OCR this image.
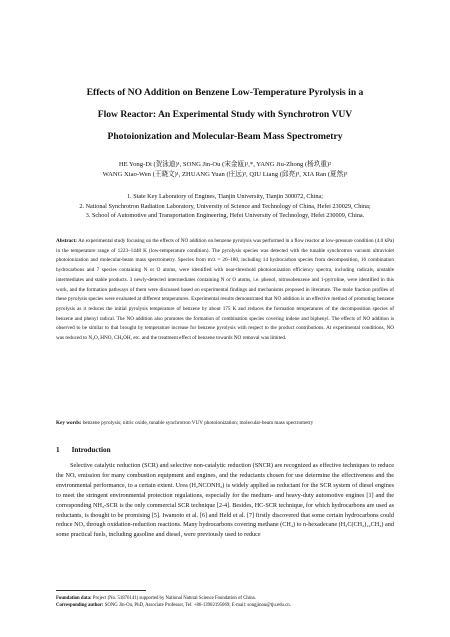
Effects of NO Addition on Benzene Low-Temperature Pyrolysis in a
Flow Reactor: An Experimental Study with Synchrotron VUV
Photoionization and Molecular-Beam Mass Spectrometry
HE Yong-Di (贺泳迪)¹, SONG Jin-Ou (宋金瓯)¹,*, YANG Jiu-Zhong (杨玖重)²
WANG Xiao-Wen (王晓文)¹, ZHUANG Yuan (庄远)³, QIU Liang (邱亮)³, XIA Ran (夏然)³
1. State Key Laboratory of Engines, Tianjin University, Tianjin 300072, China;
2. National Synchrotron Radiation Laboratory, University of Science and Technology of China, Hefei 230029, China;
3. School of Automotive and Transportation Engineering, Hefei University of Technology, Hefei 230009, China.
Abstract: An experimental study focusing on the effects of NO addition on benzene pyrolysis was performed in a flow reactor at low-pressure condition (4.0 kPa) in the temperature range of 1223–1448 K (low-temperature condition). The pyrolysis species was detected with the tunable synchrotron vacuum ultraviolet photoionization and molecular-beam mass spectrometry. Species from m/z = 26–180, including 14 hydrocarbon species from decomposition, 16 combination hydrocarbons and 7 species containing N or O atoms, were identified with near-threshold photoionization efficiency spectra, including radicals, unstable intermediates and stable products. 3 newly-detected intermediates containing N or O atoms, i.e. phenol, nitrosobenzene and 1-pyrroline, were identified in this work, and the formation pathways of them were discussed based on experimental findings and mechanisms proposed in literature. The mole fraction profiles of these pyrolysis species were evaluated at different temperatures. Experimental results demonstrated that NO addition is an effective method of promoting benzene pyrolysis as it reduces the initial pyrolysis temperature of benzene by about 175 K and reduces the formation temperatures of the decomposition species of benzene and phenyl radical. The NO addition also promotes the formation of combination species covering indene and biphenyl. The effects of NO addition is observed to be similar to that brought by temperature increase for benzene pyrolysis with respect to the product contributions. At experimental conditions, NO was reduced to N₂O, HNO, CH₃OH, etc. and the treatment effect of benzene towards NO removal was limited.
Key words: benzene pyrolysis; nitric oxide, tunable synchrotron VUV photoionization; molecular-beam mass spectrometry
1 Introduction
Selective catalytic reduction (SCR) and selective non-catalytic reduction (SNCR) are recognized as effective techniques to reduce the NOₓ emission for many combustion equipment and engines, and the reductants chosen for use determine the effectiveness and the environmental performance, to a certain extent. Urea (H₂NCONH₂) is widely applied as reductant for the SCR system of diesel engines to meet the stringent environmental protection regulations, especially for the medium- and heavy-duty automotive engines [1] and the corresponding NH₃-SCR is the only commercial SCR technique [2-4]. Besides, HC-SCR technique, for which hydrocarbons are used as reductants, is thought to be promising [5]. Iwamoto et al. [6] and Held et al. [7] firstly discovered that some certain hydrocarbons could reduce NOₓ through oxidation-reduction reactions. Many hydrocarbons covering methane (CH₄) to n-hexadecane (H₃C(CH₂)₁₄CH₃) and some practical fuels, including gasoline and diesel, were previously used to reduce
Foundation data: Project (No. 51876141) supported by National Natural Science Foundation of China.
Corresponding author: SONG Jin-Ou, PhD, Associate Professor, Tel: +86-13902195069; E-mail: songjinou@tju.edu.cn.
